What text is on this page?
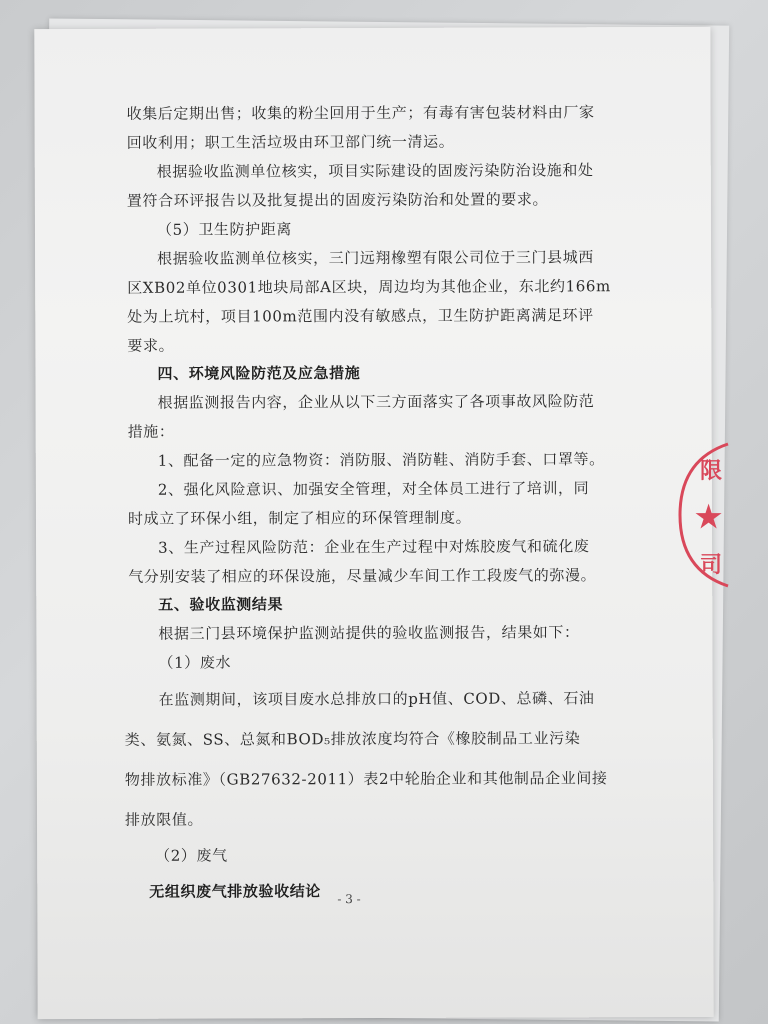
收集后定期出售；收集的粉尘回用于生产；有毒有害包装材料由厂家
回收利用；职工生活垃圾由环卫部门统一清运。
根据验收监测单位核实，项目实际建设的固废污染防治设施和处
置符合环评报告以及批复提出的固废污染防治和处置的要求。
（5）卫生防护距离
根据验收监测单位核实，三门远翔橡塑有限公司位于三门县城西
区XB02单位0301地块局部A区块，周边均为其他企业，东北约166m
处为上坑村，项目100m范围内没有敏感点，卫生防护距离满足环评
要求。
四、环境风险防范及应急措施
根据监测报告内容，企业从以下三方面落实了各项事故风险防范
措施：
1、配备一定的应急物资：消防服、消防鞋、消防手套、口罩等。
2、强化风险意识、加强安全管理，对全体员工进行了培训，同
时成立了环保小组，制定了相应的环保管理制度。
3、生产过程风险防范：企业在生产过程中对炼胶废气和硫化废
气分别安装了相应的环保设施，尽量减少车间工作工段废气的弥漫。
五、验收监测结果
根据三门县环境保护监测站提供的验收监测报告，结果如下：
（1）废水
在监测期间，该项目废水总排放口的pH值、COD、总磷、石油
类、氨氮、SS、总氮和BOD₅排放浓度均符合《橡胶制品工业污染
物排放标准》（GB27632-2011）表2中轮胎企业和其他制品企业间接
排放限值。
（2）废气
无组织废气排放验收结论 - 3 -
限
★
司
